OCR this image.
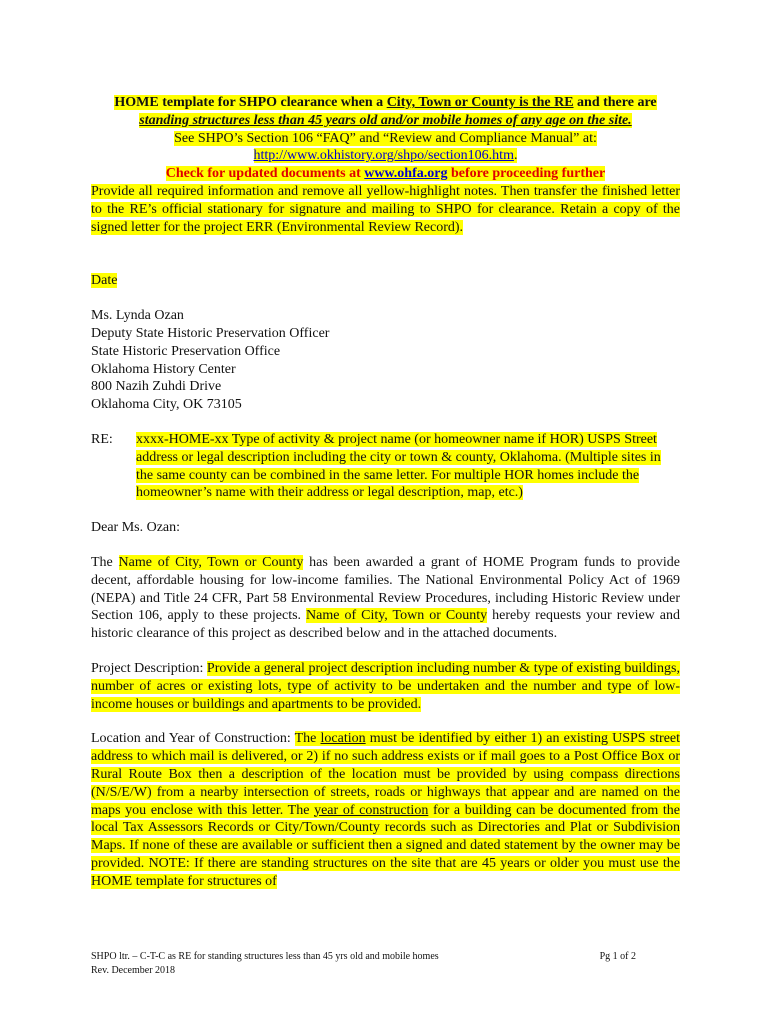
HOME template for SHPO clearance when a City, Town or County is the RE and there are
standing structures less than 45 years old and/or mobile homes of any age on the site.
See SHPO’s Section 106 “FAQ” and “Review and Compliance Manual” at:
http://www.okhistory.org/shpo/section106.htm.
Check for updated documents at www.ohfa.org before proceeding further

Provide all required information and remove all yellow-highlight notes. Then transfer the finished letter to the RE’s official stationary for signature and mailing to SHPO for clearance. Retain a copy of the signed letter for the project ERR (Environmental Review Record).

Date

Ms. Lynda Ozan

Deputy State Historic Preservation Officer

State Historic Preservation Office

Oklahoma History Center

800 Nazih Zuhdi Drive

Oklahoma City, OK 73105

RE:	xxxx-HOME-xx Type of activity & project name (or homeowner name if HOR) USPS Street address or legal description including the city or town & county, Oklahoma. (Multiple sites in the same county can be combined in the same letter. For multiple HOR homes include the homeowner’s name with their address or legal description, map, etc.)

Dear Ms. Ozan:

The Name of City, Town or County has been awarded a grant of HOME Program funds to provide decent, affordable housing for low-income families. The National Environmental Policy Act of 1969 (NEPA) and Title 24 CFR, Part 58 Environmental Review Procedures, including Historic Review under Section 106, apply to these projects. Name of City, Town or County hereby requests your review and historic clearance of this project as described below and in the attached documents.

Project Description: Provide a general project description including number & type of existing buildings, number of acres or existing lots, type of activity to be undertaken and the number and type of low-income houses or buildings and apartments to be provided.

Location and Year of Construction: The location must be identified by either 1) an existing USPS street address to which mail is delivered, or 2) if no such address exists or if mail goes to a Post Office Box or Rural Route Box then a description of the location must be provided by using compass directions (N/S/E/W) from a nearby intersection of streets, roads or highways that appear and are named on the maps you enclose with this letter. The year of construction for a building can be documented from the local Tax Assessors Records or City/Town/County records such as Directories and Plat or Subdivision Maps. If none of these are available or sufficient then a signed and dated statement by the owner may be provided. NOTE: If there are standing structures on the site that are 45 years or older you must use the HOME template for structures of

SHPO ltr. – C-T-C as RE for standing structures less than 45 yrs old and mobile homes
Rev. December 2018
Pg 1 of 2
